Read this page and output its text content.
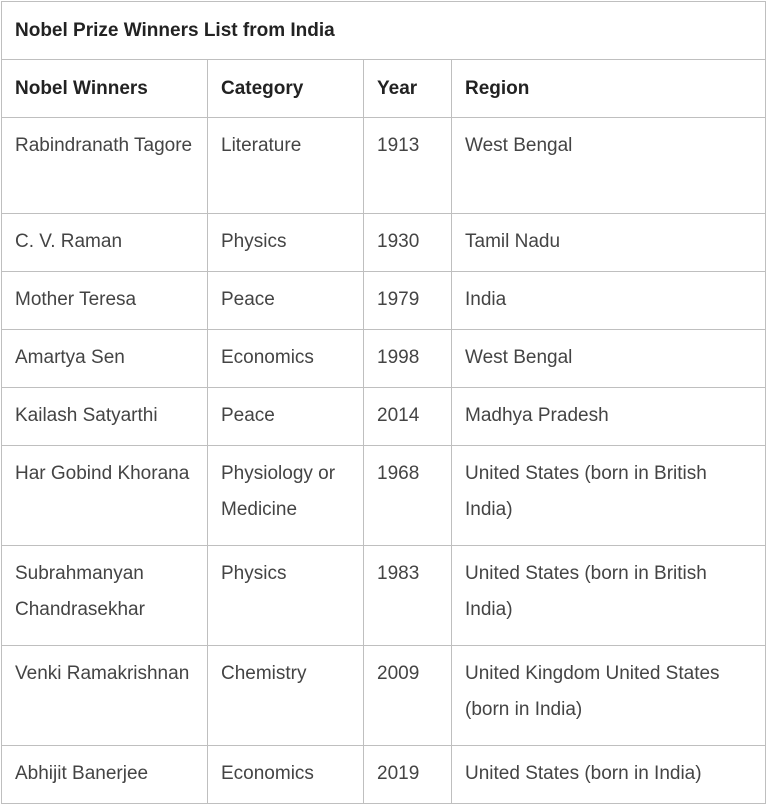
Nobel Prize Winners List from India			
Nobel Winners	Category	Year	Region
Rabindranath Tagore	Literature	1913	West Bengal
C. V. Raman	Physics	1930	Tamil Nadu
Mother Teresa	Peace	1979	India
Amartya Sen	Economics	1998	West Bengal
Kailash Satyarthi	Peace	2014	Madhya Pradesh
Har Gobind Khorana	Physiology or Medicine	1968	United States (born in British India)
Subrahmanyan Chandrasekhar	Physics	1983	United States (born in British India)
Venki Ramakrishnan	Chemistry	2009	United Kingdom United States (born in India)
Abhijit Banerjee	Economics	2019	United States (born in India)
